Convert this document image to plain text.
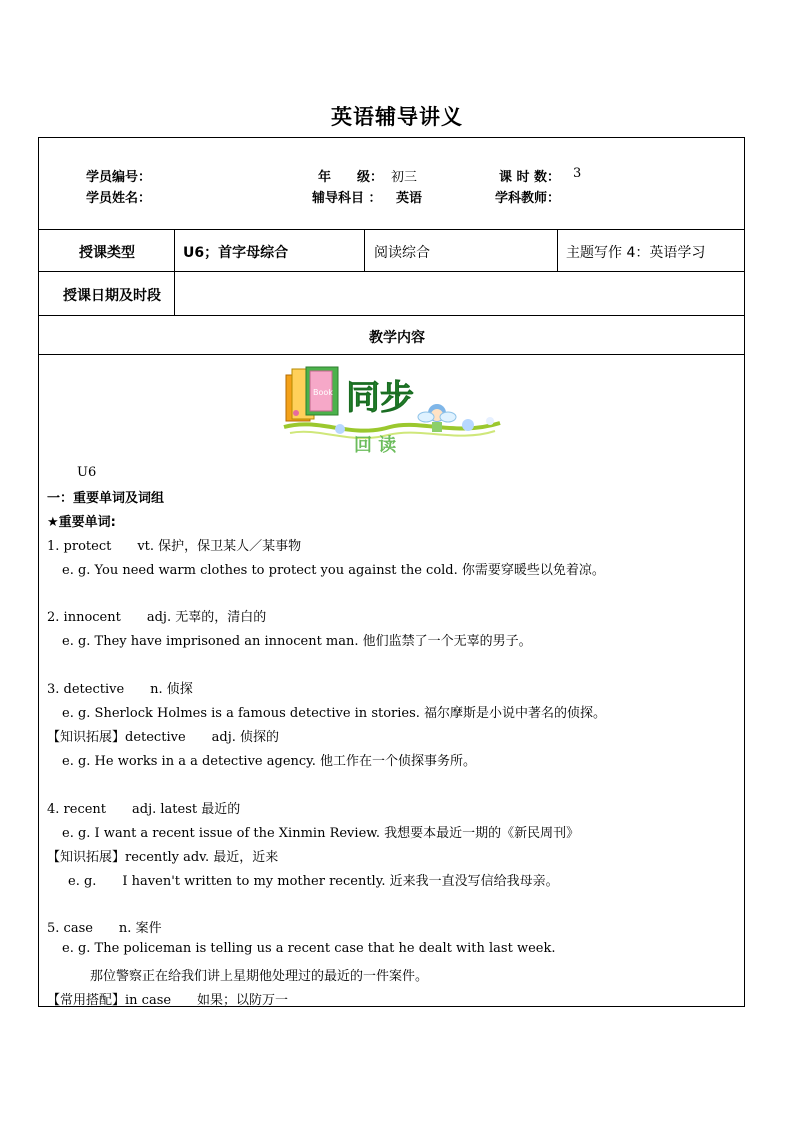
英语辅导讲义
学员编号：	年　　级： 初三	课 时 数： 3
学员姓名：	辅导科目 ： 英语	学科教师：
授课类型	U6；首字母综合	阅读综合	主题写作 4：英语学习
授课日期及时段
教学内容
Book 同步
回 读
U6
一：重要单词及词组
★重要单词:
1. protect　　vt. 保护，保卫某人／某事物
e. g. You need warm clothes to protect you against the cold. 你需要穿暖些以免着凉。
2. innocent　　adj. 无辜的，清白的
e. g. They have imprisoned an innocent man. 他们监禁了一个无辜的男子。
3. detective　　n. 侦探
e. g. Sherlock Holmes is a famous detective in stories. 福尔摩斯是小说中著名的侦探。
【知识拓展】detective　　adj. 侦探的
e. g. He works in a a detective agency. 他工作在一个侦探事务所。
4. recent　　adj. latest 最近的
e. g. I want a recent issue of the Xinmin Review. 我想要本最近一期的《新民周刊》
【知识拓展】recently adv. 最近，近来
e. g.　　I haven't written to my mother recently. 近来我一直没写信给我母亲。
5. case　　n. 案件
e. g. The policeman is telling us a recent case that he dealt with last week.
那位警察正在给我们讲上星期他处理过的最近的一件案件。
【常用搭配】in case　　如果；以防万一
